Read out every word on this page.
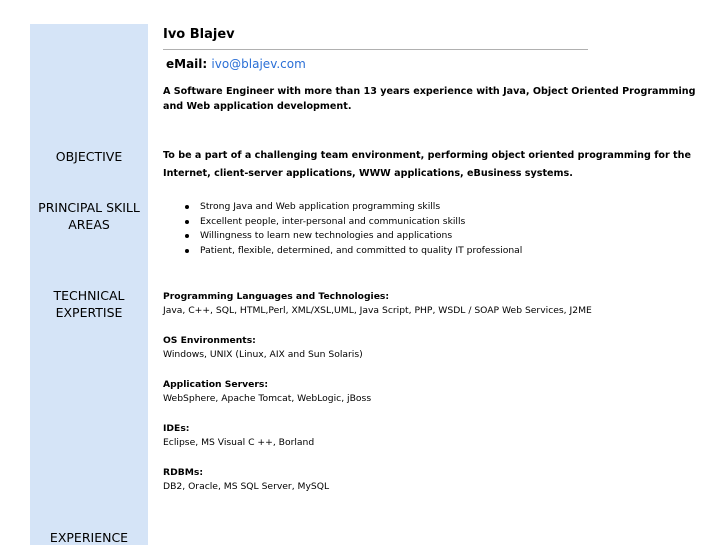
OBJECTIVE
PRINCIPAL SKILL
AREAS
TECHNICAL
EXPERTISE
EXPERIENCE
Ivo Blajev
eMail: ivo@blajev.com
A Software Engineer with more than 13 years experience with Java, Object Oriented Programming and Web application development.
To be a part of a challenging team environment, performing object oriented programming for the Internet, client-server applications, WWW applications, eBusiness systems.
Strong Java and Web application programming skills
Excellent people, inter-personal and communication skills
Willingness to learn new technologies and applications
Patient, flexible, determined, and committed to quality IT professional
Programming Languages and Technologies:
Java, C++, SQL, HTML,Perl, XML/XSL,UML, Java Script, PHP, WSDL / SOAP Web Services, J2ME
OS Environments:
Windows, UNIX (Linux, AIX and Sun Solaris)
Application Servers:
WebSphere, Apache Tomcat, WebLogic, jBoss
IDEs:
Eclipse, MS Visual C ++, Borland
RDBMs:
DB2, Oracle, MS SQL Server, MySQL
